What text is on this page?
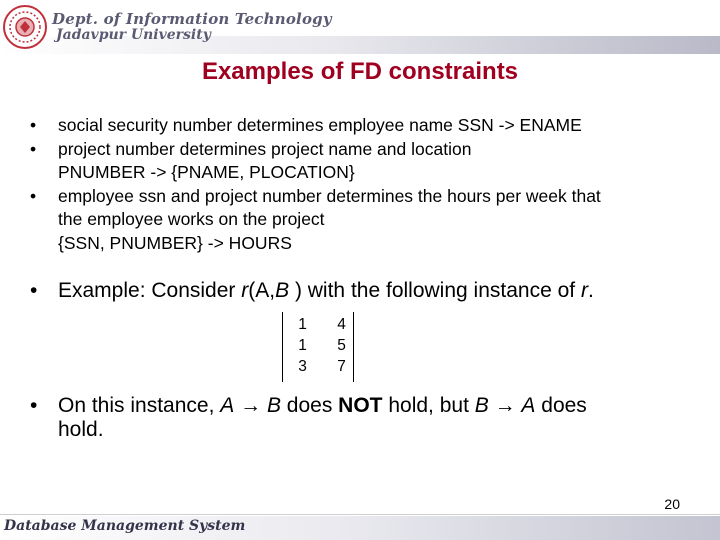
Dept. of Information Technology
Jadavpur University
Examples of FD constraints
• social security number determines employee name SSN -> ENAME
• project number determines project name and location
PNUMBER -> {PNAME, PLOCATION}
• employee ssn and project number determines the hours per week that
the employee works on the project
{SSN, PNUMBER} -> HOURS
• Example: Consider r(A,B ) with the following instance of r.
1	4
1	5
3	7
• On this instance, A → B does NOT hold, but B → A does
hold.
20
Database Management System
